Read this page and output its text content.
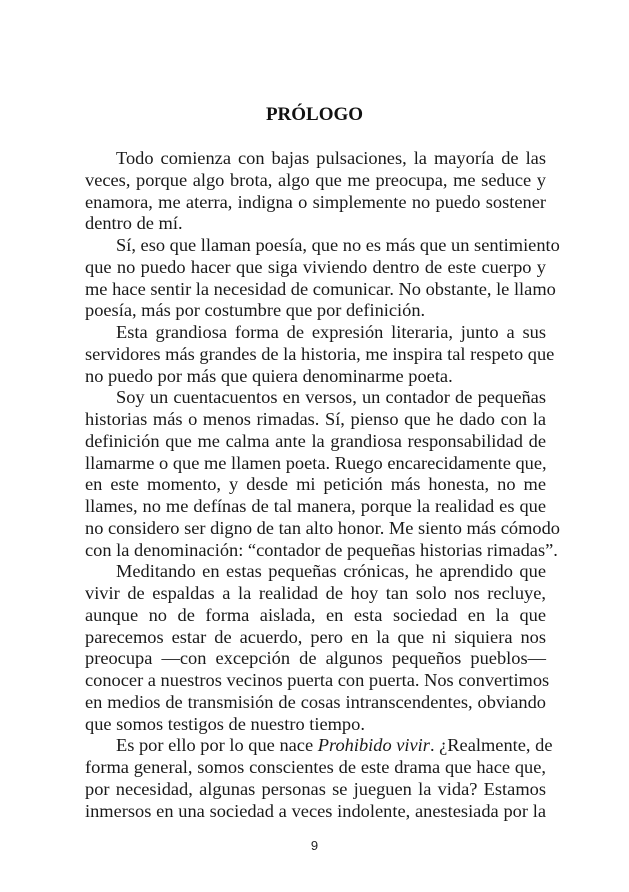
PRÓLOGO
Todo comienza con bajas pulsaciones, la mayoría de las
veces, porque algo brota, algo que me preocupa, me seduce y
enamora, me aterra, indigna o simplemente no puedo sostener
dentro de mí.
Sí, eso que llaman poesía, que no es más que un sentimiento
que no puedo hacer que siga viviendo dentro de este cuerpo y
me hace sentir la necesidad de comunicar. No obstante, le llamo
poesía, más por costumbre que por definición.
Esta grandiosa forma de expresión literaria, junto a sus
servidores más grandes de la historia, me inspira tal respeto que
no puedo por más que quiera denominarme poeta.
Soy un cuentacuentos en versos, un contador de pequeñas
historias más o menos rimadas. Sí, pienso que he dado con la
definición que me calma ante la grandiosa responsabilidad de
llamarme o que me llamen poeta. Ruego encarecidamente que,
en este momento, y desde mi petición más honesta, no me
llames, no me defínas de tal manera, porque la realidad es que
no considero ser digno de tan alto honor. Me siento más cómodo
con la denominación: “contador de pequeñas historias rimadas”.
Meditando en estas pequeñas crónicas, he aprendido que
vivir de espaldas a la realidad de hoy tan solo nos recluye,
aunque no de forma aislada, en esta sociedad en la que
parecemos estar de acuerdo, pero en la que ni siquiera nos
preocupa —con excepción de algunos pequeños pueblos—
conocer a nuestros vecinos puerta con puerta. Nos convertimos
en medios de transmisión de cosas intranscendentes, obviando
que somos testigos de nuestro tiempo.
Es por ello por lo que nace Prohibido vivir. ¿Realmente, de
forma general, somos conscientes de este drama que hace que,
por necesidad, algunas personas se jueguen la vida? Estamos
inmersos en una sociedad a veces indolente, anestesiada por la
9
